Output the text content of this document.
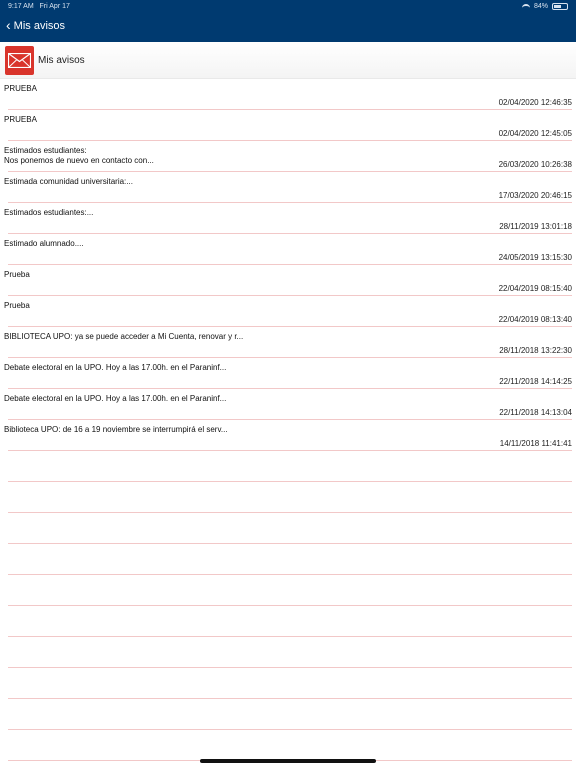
9:17 AM Fri Apr 17	84%
‹ Mis avisos
Mis avisos
PRUEBA
02/04/2020 12:46:35
PRUEBA
02/04/2020 12:45:05
Estimados estudiantes:
Nos ponemos de nuevo en contacto con...	26/03/2020 10:26:38
Estimada comunidad universitaria:...
17/03/2020 20:46:15
Estimados estudiantes:...
28/11/2019 13:01:18
Estimado alumnado....
24/05/2019 13:15:30
Prueba
22/04/2019 08:15:40
Prueba
22/04/2019 08:13:40
BIBLIOTECA UPO: ya se puede acceder a Mi Cuenta, renovar y r...
28/11/2018 13:22:30
Debate electoral en la UPO. Hoy a las 17.00h. en el Paraninf...
22/11/2018 14:14:25
Debate electoral en la UPO. Hoy a las 17.00h. en el Paraninf...
22/11/2018 14:13:04
Biblioteca UPO: de 16 a 19 noviembre se interrumpirá el serv...
14/11/2018 11:41:41
